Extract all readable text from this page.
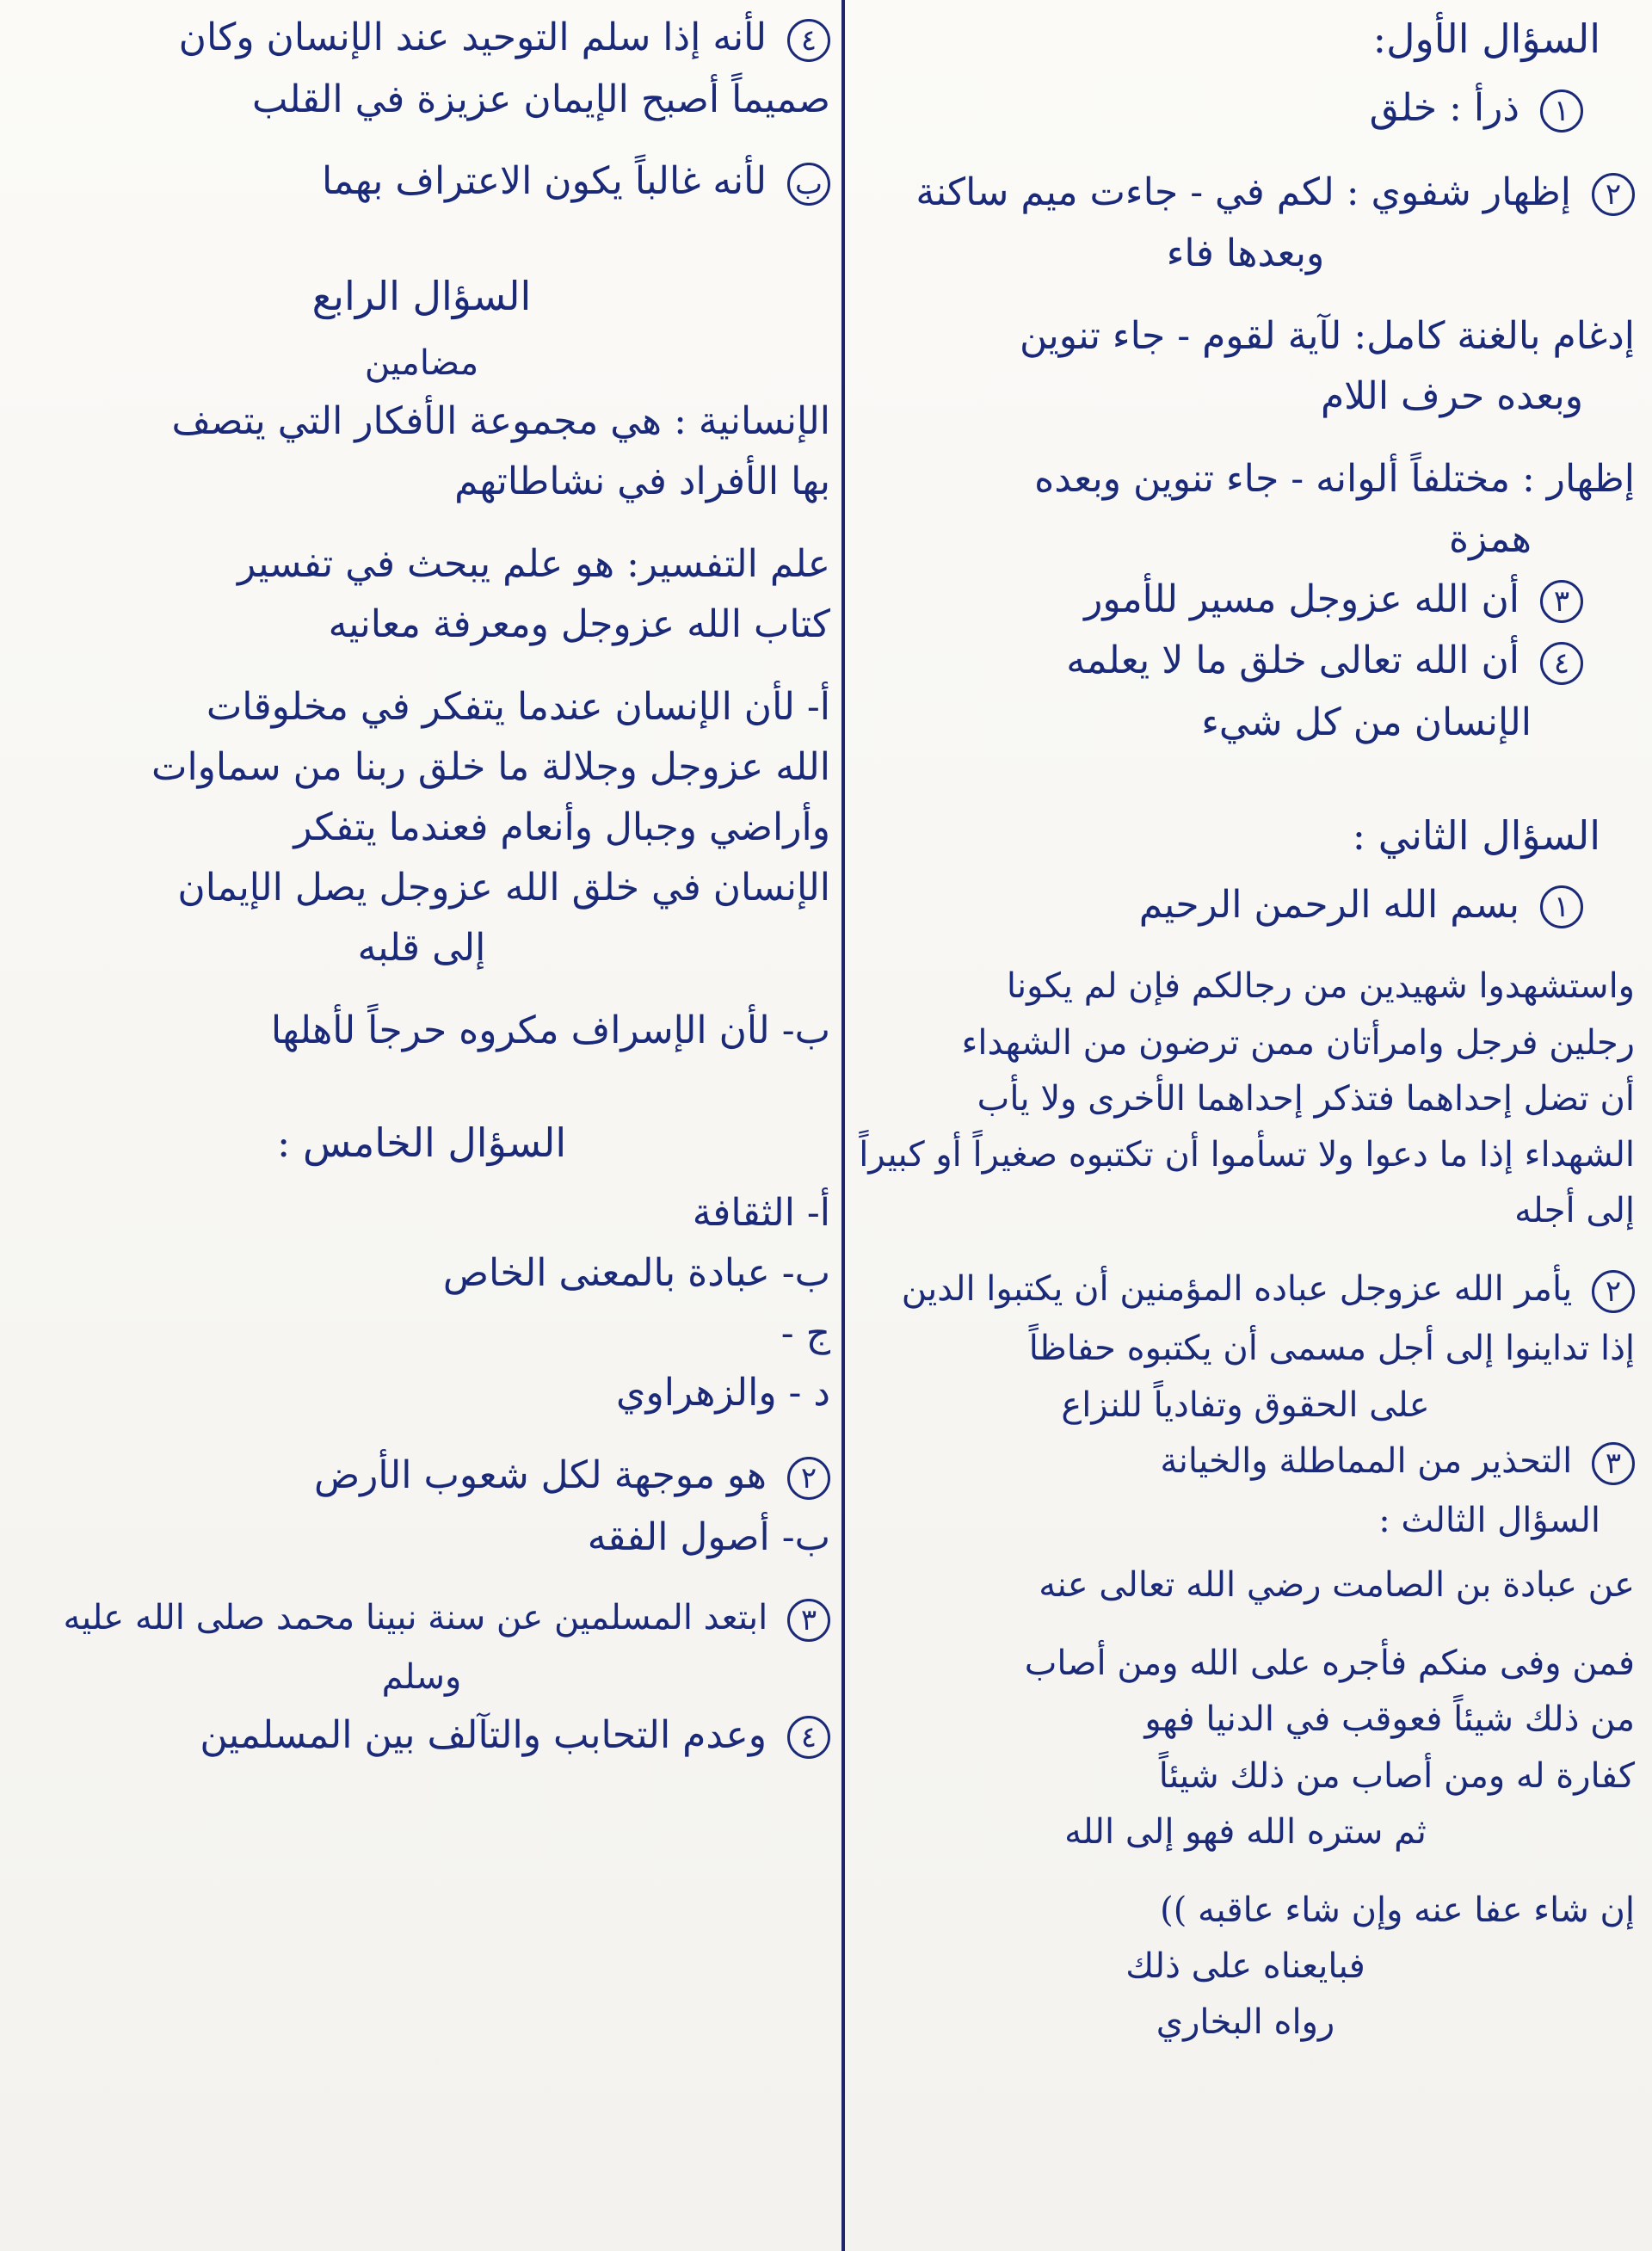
السؤال الأول:
١ ذرأ : خلق
٢ إظهار شفوي : لكم في - جاءت ميم ساكنة
وبعدها فاء
إدغام بالغنة كامل: لآية لقوم - جاء تنوين
وبعده حرف اللام
إظهار : مختلفاً ألوانه - جاء تنوين وبعده
همزة
٣ أن الله عزوجل مسير للأمور
٤ أن الله تعالى خلق ما لا يعلمه
الإنسان من كل شيء
السؤال الثاني :
١ بسم الله الرحمن الرحيم
واستشهدوا شهيدين من رجالكم فإن لم يكونا
رجلين فرجل وامرأتان ممن ترضون من الشهداء
أن تضل إحداهما فتذكر إحداهما الأخرى ولا يأب
الشهداء إذا ما دعوا ولا تسأموا أن تكتبوه صغيراً أو كبيراً
إلى أجله
٢ يأمر الله عزوجل عباده المؤمنين أن يكتبوا الدين
إذا تداينوا إلى أجل مسمى أن يكتبوه حفاظاً
على الحقوق وتفادياً للنزاع
٣ التحذير من المماطلة والخيانة
السؤال الثالث :
عن عبادة بن الصامت رضي الله تعالى عنه
فمن وفى منكم فأجره على الله ومن أصاب
من ذلك شيئاً فعوقب في الدنيا فهو
كفارة له ومن أصاب من ذلك شيئاً
ثم ستره الله فهو إلى الله
إن شاء عفا عنه وإن شاء عاقبه ))
فبايعناه على ذلك
رواه البخاري
٤ لأنه إذا سلم التوحيد عند الإنسان وكان
صميماً أصبح الإيمان عزيزة في القلب
ب لأنه غالباً يكون الاعتراف بهما
السؤال الرابع
مضامين
الإنسانية : هي مجموعة الأفكار التي يتصف
بها الأفراد في نشاطاتهم
علم التفسير: هو علم يبحث في تفسير
كتاب الله عزوجل ومعرفة معانيه
أ- لأن الإنسان عندما يتفكر في مخلوقات
الله عزوجل وجلالة ما خلق ربنا من سماوات
وأراضي وجبال وأنعام فعندما يتفكر
الإنسان في خلق الله عزوجل يصل الإيمان
إلى قلبه
ب- لأن الإسراف مكروه حرجاً لأهلها
السؤال الخامس :
أ- الثقافة
ب- عبادة بالمعنى الخاص
ج -
د - والزهراوي
٢ هو موجهة لكل شعوب الأرض
ب- أصول الفقه
٣ ابتعد المسلمين عن سنة نبينا محمد صلى الله عليه
وسلم
٤ وعدم التحابب والتآلف بين المسلمين
